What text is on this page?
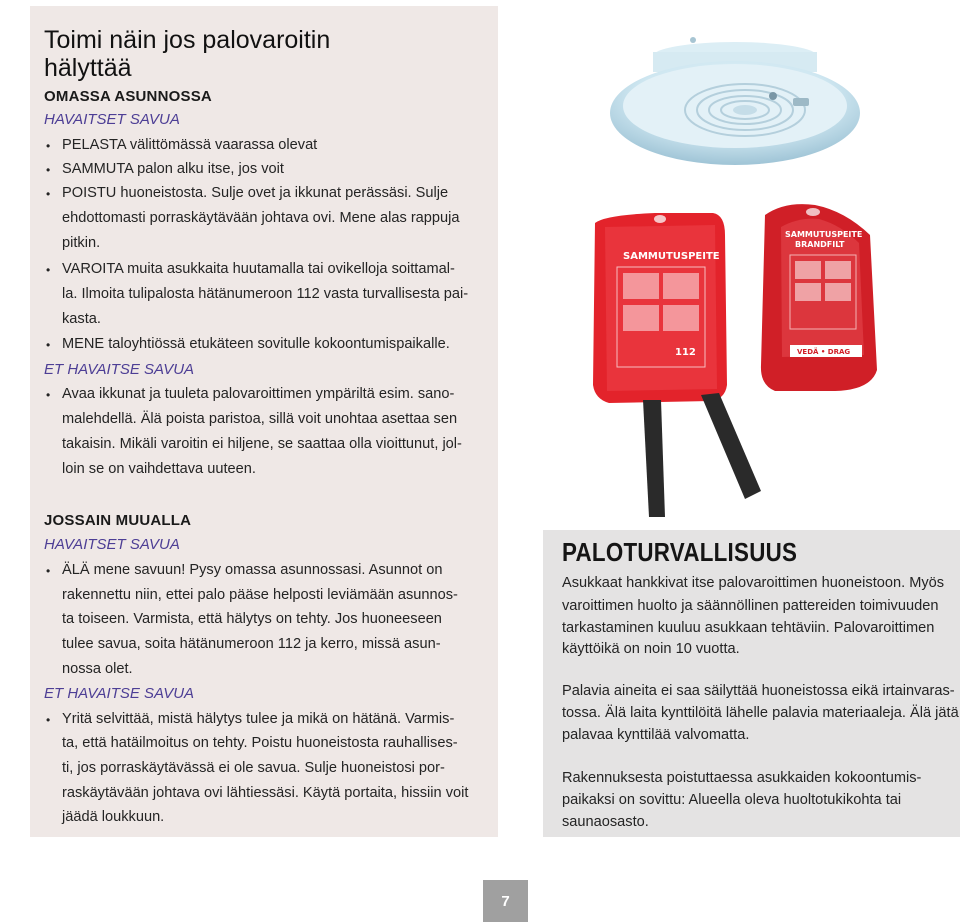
Toimi näin jos palovaroitin
hälyttää
OMASSA ASUNNOSSA
HAVAITSET SAVUA
• PELASTA välittömässä vaarassa olevat
• SAMMUTA palon alku itse, jos voit
• POISTU huoneistosta. Sulje ovet ja ikkunat perässäsi. Sulje
ehdottomasti porraskäytävään johtava ovi. Mene alas rappuja
pitkin.
• VAROITA muita asukkaita huutamalla tai ovikelloja soittamal-
la. Ilmoita tulipalosta hätänumeroon 112 vasta turvallisesta pai-
kasta.
• MENE taloyhtiössä etukäteen sovitulle kokoontumispaikalle.
ET HAVAITSE SAVUA
• Avaa ikkunat ja tuuleta palovaroittimen ympäriltä esim. sano-
malehdellä. Älä poista paristoa, sillä voit unohtaa asettaa sen
takaisin. Mikäli varoitin ei hiljene, se saattaa olla vioittunut, jol-
loin se on vaihdettava uuteen.
JOSSAIN MUUALLA
HAVAITSET SAVUA
• ÄLÄ mene savuun! Pysy omassa asunnossasi. Asunnot on
rakennettu niin, ettei palo pääse helposti leviämään asunnos-
ta toiseen. Varmista, että hälytys on tehty. Jos huoneeseen
tulee savua, soita hätänumeroon 112 ja kerro, missä asun-
nossa olet.
ET HAVAITSE SAVUA
• Yritä selvittää, mistä hälytys tulee ja mikä on hätänä. Varmis-
ta, että hatäilmoitus on tehty. Poistu huoneistosta rauhallises-
ti, jos porraskäytävässä ei ole savua. Sulje huoneistosi por-
raskäytävään johtava ovi lähtiessäsi. Käytä portaita, hissiin voit
jäädä loukkuun.
SAMMUTUSPEITE
BRANDFILT
VEDÄ • DRAG
SAMMUTUSPEITE
112
PALOTURVALLISUUS
Asukkaat hankkivat itse palovaroittimen huoneistoon. Myös
varoittimen huolto ja säännöllinen pattereiden toimivuuden
tarkastaminen kuuluu asukkaan tehtäviin. Palovaroittimen
käyttöikä on noin 10 vuotta.
Palavia aineita ei saa säilyttää huoneistossa eikä irtainvaras-
tossa. Älä laita kynttilöitä lähelle palavia materiaaleja. Älä jätä
palavaa kynttilää valvomatta.
Rakennuksesta poistuttaessa asukkaiden kokoontumis-
paikaksi on sovittu: Alueella oleva huoltotukikohta tai
saunaosasto.
7
